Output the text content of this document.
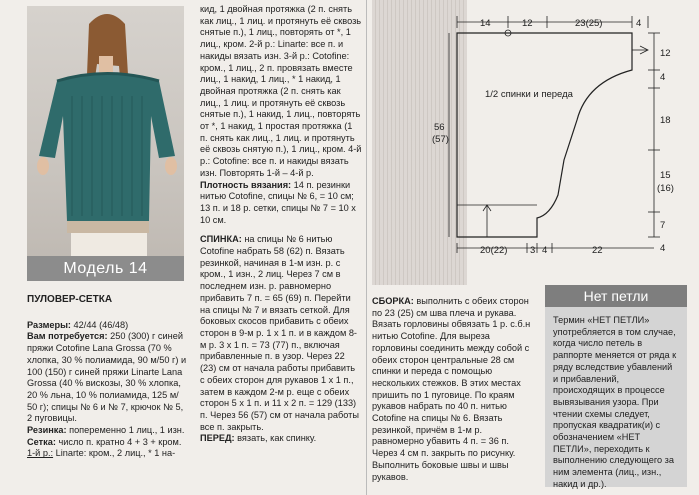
Модель 14

ПУЛОВЕР-СЕТКА

Размеры: 42/44 (46/48)

Вам потребуется: 250 (300) г синей пряжи Cotofine Lana Grossa (70 % хлопка, 30 % полиамида, 90 м/50 г) и 100 (150) г синей пряжи Linarte Lana Grossa (40 % вискозы, 30 % хлопка, 20 % льна, 10 % полиамида, 125 м/ 50 г); спицы № 6 и № 7, крючок № 5, 2 пуговицы.

Резинка: попеременно 1 лиц., 1 изн.

Сетка: число п. кратно 4 + 3 + кром.

1-й р.: Linarte: кром., 2 лиц., * 1 на-

кид, 1 двойная протяжка (2 п. снять как лиц., 1 лиц. и протянуть её сквозь снятые п.), 1 лиц., повторять от *, 1 лиц., кром. 2-й р.: Linarte: все п. и накиды вязать изн. 3-й р.: Cotofine: кром., 1 лиц., 2 п. провязать вместе лиц., 1 накид, 1 лиц., * 1 накид, 1 двойная протяжка (2 п. снять как лиц., 1 лиц. и протянуть её сквозь снятые п.), 1 накид, 1 лиц., повторять от *, 1 накид, 1 простая протяжка (1 п. снять как лиц., 1 лиц. и протянуть её сквозь снятую п.), 1 лиц., кром. 4-й р.: Cotofine: все п. и накиды вязать изн. Повторять 1-й – 4-й р.

Плотность вязания: 14 п. резинки нитью Cotofine, спицы № 6, = 10 см; 13 п. и 18 р. сетки, спицы № 7 = 10 х 10 см.

СПИНКА: на спицы № 6 нитью Cotofine набрать 58 (62) п. Вязать резинкой, начиная в 1-м изн. р. с кром., 1 изн., 2 лиц. Через 7 см в последнем изн. р. равномерно прибавить 7 п. = 65 (69) п. Перейти на спицы № 7 и вязать сеткой. Для боковых скосов прибавить с обеих сторон в 9-м р. 1 х 1 п. и в каждом 8-м р. 3 х 1 п. = 73 (77) п., включая прибавленные п. в узор. Через 22 (23) см от начала работы прибавить с обеих сторон для рукавов 1 х 1 п., затем в каждом 2-м р. еще с обеих сторон 5 х 1 п. и 11 х 2 п. = 129 (133) п. Через 56 (57) см от начала работы все п. закрыть.

ПЕРЕД: вязать, как спинку.

14	12	23(25)	4
1/2 спинки и переда
12
4
18
15
(16)
7
4
56
(57)
20(22) 3 4	22

СБОРКА: выполнить с обеих сторон по 23 (25) см швa плеча и рукава. Вязать горловины обвязать 1 р. с.б.н нитью Cotofine. Для выреза горловины соединить между собой с обеих сторон центральные 28 см спинки и переда с помощью нескольких стежков. В этих местах пришить по 1 пуговице. По краям рукавов набрать по 40 п. нитью Cotofine на спицы № 6. Вязать резинкой, причём в 1-м р. равномерно убавить 4 п. = 36 п. Через 4 см п. закрыть по рисунку. Выполнить боковые швы и швы рукавов.

Нет петли

Термин «НЕТ ПЕТЛИ» употребляется в том случае, когда число петель в раппорте меняется от ряда к ряду вследствие убавлений и прибавлений, происходящих в процессе вывязывания узора. При чтении схемы следует, пропуская квадратик(и) с обозначением «НЕТ ПЕТЛИ», переходить к выполнению следующего за ним элемента (лиц., изн., накид и др.).
